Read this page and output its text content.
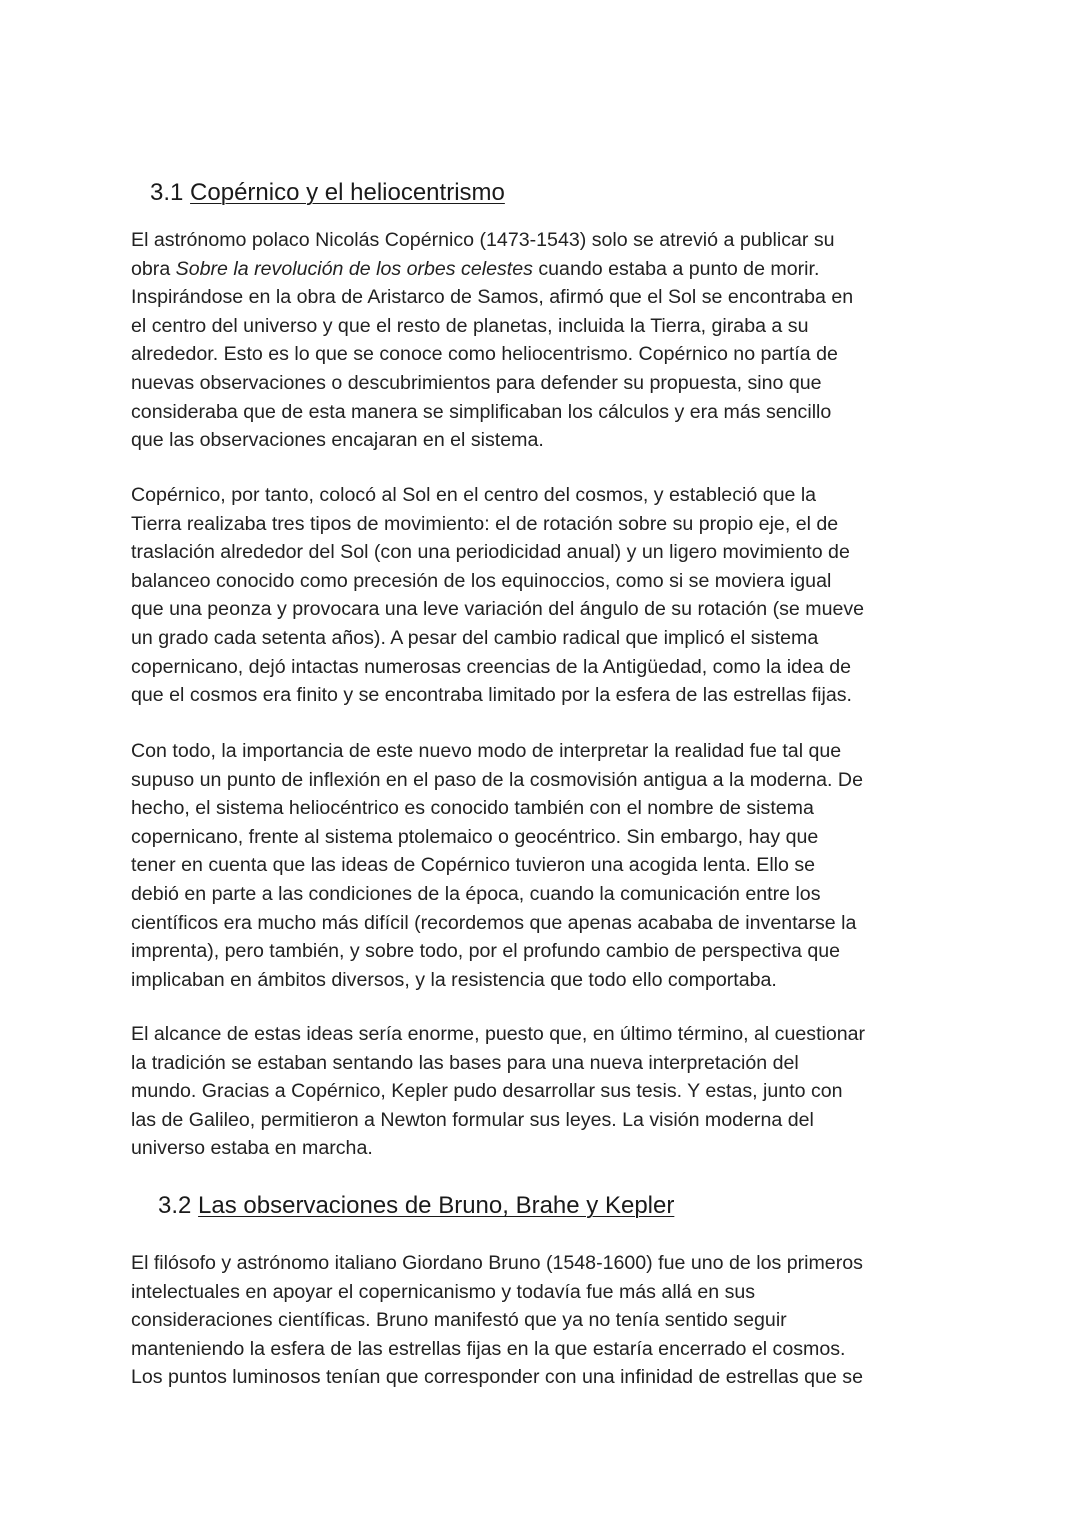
3.1 Copérnico y el heliocentrismo
El astrónomo polaco Nicolás Copérnico (1473-1543) solo se atrevió a publicar su
obra Sobre la revolución de los orbes celestes cuando estaba a punto de morir.
Inspirándose en la obra de Aristarco de Samos, afirmó que el Sol se encontraba en
el centro del universo y que el resto de planetas, incluida la Tierra, giraba a su
alrededor. Esto es lo que se conoce como heliocentrismo. Copérnico no partía de
nuevas observaciones o descubrimientos para defender su propuesta, sino que
consideraba que de esta manera se simplificaban los cálculos y era más sencillo
que las observaciones encajaran en el sistema.
Copérnico, por tanto, colocó al Sol en el centro del cosmos, y estableció que la
Tierra realizaba tres tipos de movimiento: el de rotación sobre su propio eje, el de
traslación alrededor del Sol (con una periodicidad anual) y un ligero movimiento de
balanceo conocido como precesión de los equinoccios, como si se moviera igual
que una peonza y provocara una leve variación del ángulo de su rotación (se mueve
un grado cada setenta años). A pesar del cambio radical que implicó el sistema
copernicano, dejó intactas numerosas creencias de la Antigüedad, como la idea de
que el cosmos era finito y se encontraba limitado por la esfera de las estrellas fijas.
Con todo, la importancia de este nuevo modo de interpretar la realidad fue tal que
supuso un punto de inflexión en el paso de la cosmovisión antigua a la moderna. De
hecho, el sistema heliocéntrico es conocido también con el nombre de sistema
copernicano, frente al sistema ptolemaico o geocéntrico. Sin embargo, hay que
tener en cuenta que las ideas de Copérnico tuvieron una acogida lenta. Ello se
debió en parte a las condiciones de la época, cuando la comunicación entre los
científicos era mucho más difícil (recordemos que apenas acababa de inventarse la
imprenta), pero también, y sobre todo, por el profundo cambio de perspectiva que
implicaban en ámbitos diversos, y la resistencia que todo ello comportaba.
El alcance de estas ideas sería enorme, puesto que, en último término, al cuestionar
la tradición se estaban sentando las bases para una nueva interpretación del
mundo. Gracias a Copérnico, Kepler pudo desarrollar sus tesis. Y estas, junto con
las de Galileo, permitieron a Newton formular sus leyes. La visión moderna del
universo estaba en marcha.
3.2 Las observaciones de Bruno, Brahe y Kepler
El filósofo y astrónomo italiano Giordano Bruno (1548-1600) fue uno de los primeros
intelectuales en apoyar el copernicanismo y todavía fue más allá en sus
consideraciones científicas. Bruno manifestó que ya no tenía sentido seguir
manteniendo la esfera de las estrellas fijas en la que estaría encerrado el cosmos.
Los puntos luminosos tenían que corresponder con una infinidad de estrellas que se
